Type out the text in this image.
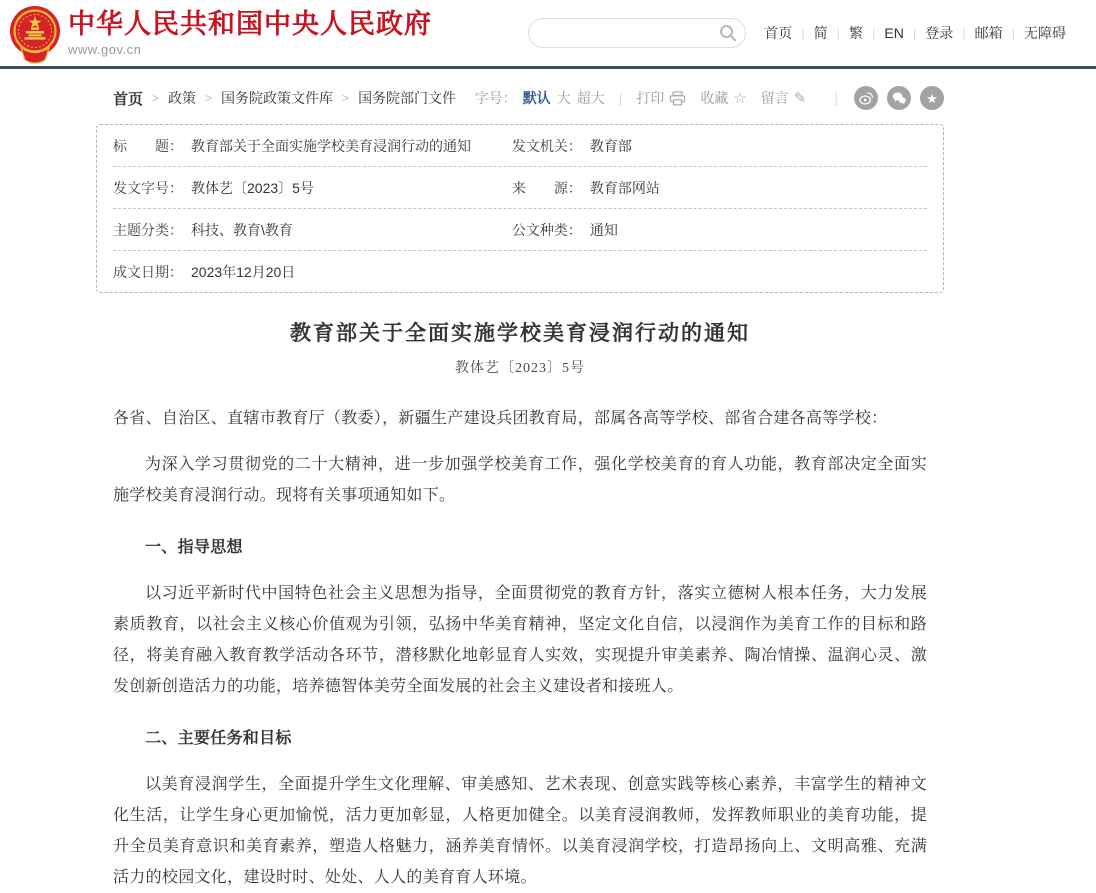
中华人民共和国中央人民政府
www.gov.cn
首页 | 简 | 繁 | EN | 登录 | 邮箱 | 无障碍
首页 > 政策 > 国务院政策文件库 > 国务院部门文件 字号： 默认 大 超大 | 打印	收藏 ☆ 留言 ✎ |	★
标　　题： 教育部关于全面实施学校美育浸润行动的通知	发文机关： 教育部
发文字号： 教体艺〔2023〕5号	来　　源： 教育部网站
主题分类： 科技、教育\教育	公文种类： 通知
成文日期： 2023年12月20日
教育部关于全面实施学校美育浸润行动的通知
教体艺〔2023〕5号

各省、自治区、直辖市教育厅（教委），新疆生产建设兵团教育局，部属各高等学校、部省合建各高等学校：

为深入学习贯彻党的二十大精神，进一步加强学校美育工作，强化学校美育的育人功能，教育部决定全面实施学校美育浸润行动。现将有关事项通知如下。

一、指导思想

以习近平新时代中国特色社会主义思想为指导，全面贯彻党的教育方针，落实立德树人根本任务，大力发展素质教育，以社会主义核心价值观为引领，弘扬中华美育精神，坚定文化自信，以浸润作为美育工作的目标和路径，将美育融入教育教学活动各环节，潜移默化地彰显育人实效，实现提升审美素养、陶冶情操、温润心灵、激发创新创造活力的功能，培养德智体美劳全面发展的社会主义建设者和接班人。

二、主要任务和目标

以美育浸润学生，全面提升学生文化理解、审美感知、艺术表现、创意实践等核心素养，丰富学生的精神文化生活，让学生身心更加愉悦，活力更加彰显，人格更加健全。以美育浸润教师，发挥教师职业的美育功能，提升全员美育意识和美育素养，塑造人格魅力，涵养美育情怀。以美育浸润学校，打造昂扬向上、文明高雅、充满活力的校园文化，建设时时、处处、人人的美育育人环境。
